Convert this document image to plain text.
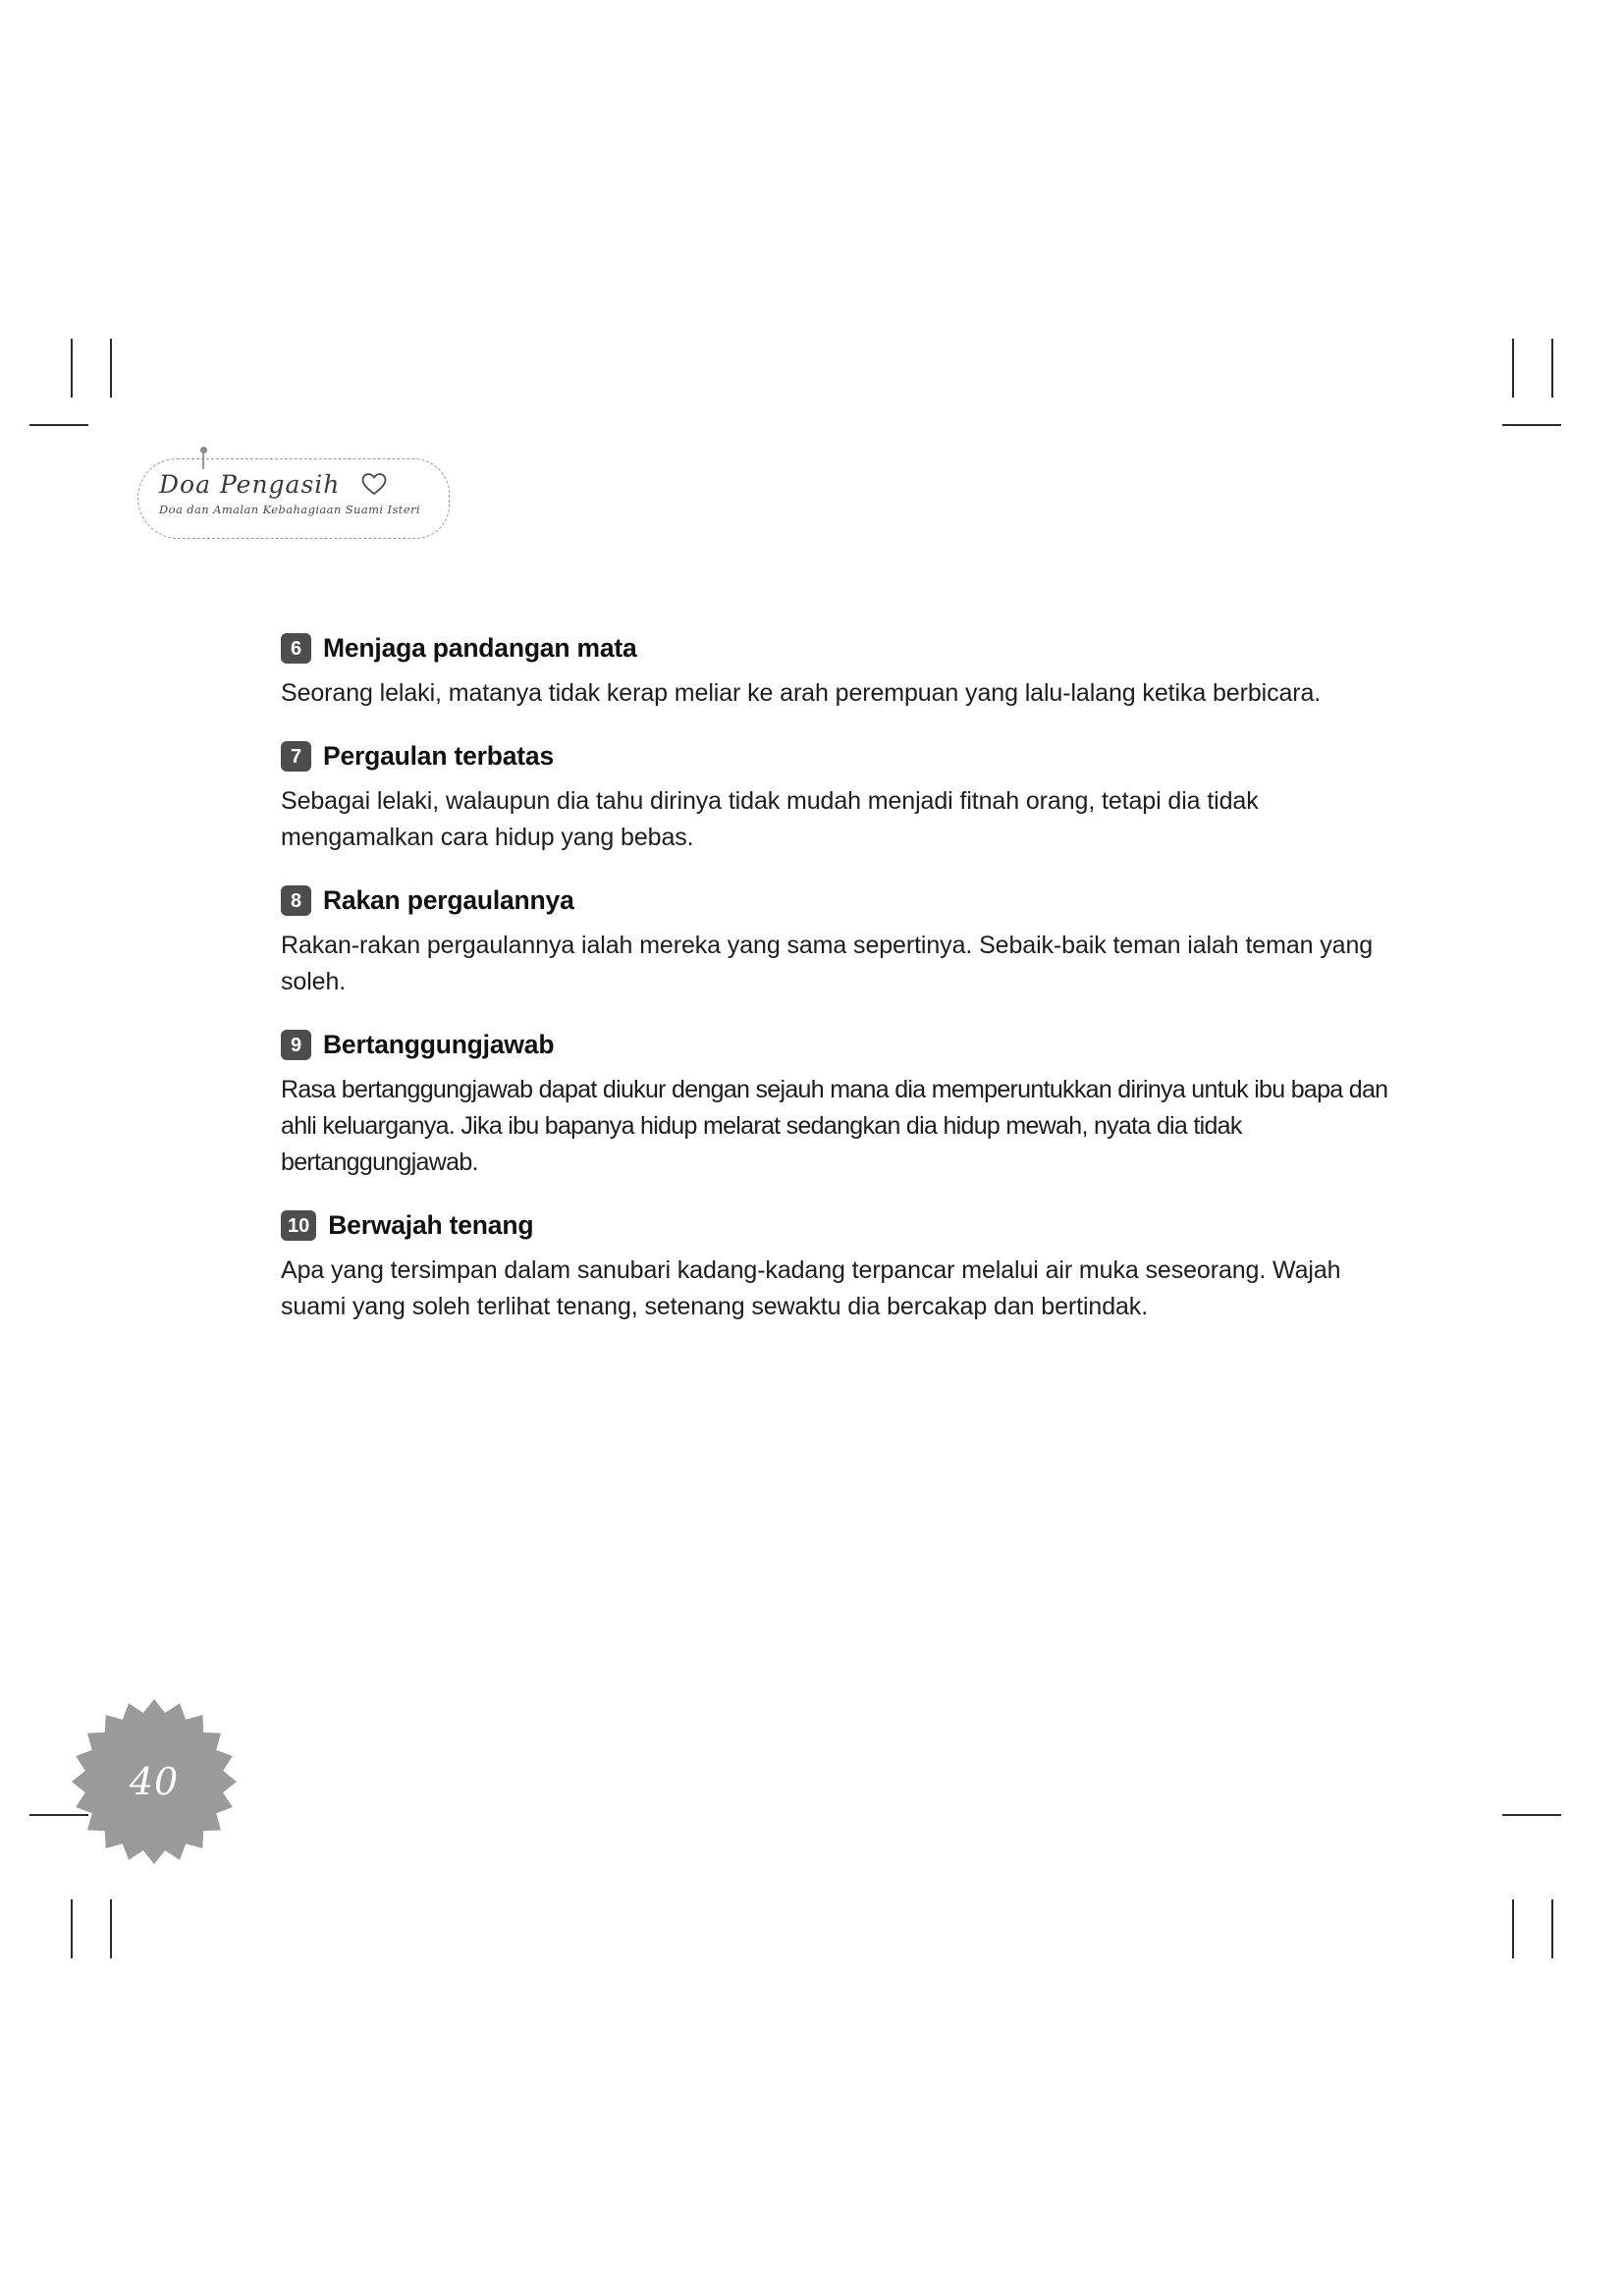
Doa Pengasih
Doa dan Amalan Kebahagiaan Suami Isteri
6 Menjaga pandangan mata

Seorang lelaki, matanya tidak kerap meliar ke arah perempuan yang lalu-lalang ketika berbicara.

7 Pergaulan terbatas

Sebagai lelaki, walaupun dia tahu dirinya tidak mudah menjadi fitnah orang, tetapi dia tidak mengamalkan cara hidup yang bebas.

8 Rakan pergaulannya

Rakan-rakan pergaulannya ialah mereka yang sama sepertinya. Sebaik-baik teman ialah teman yang soleh.

9 Bertanggungjawab

Rasa bertanggungjawab dapat diukur dengan sejauh mana dia memperuntukkan dirinya untuk ibu bapa dan ahli keluarganya. Jika ibu bapanya hidup melarat sedangkan dia hidup mewah, nyata dia tidak bertanggungjawab.

10 Berwajah tenang

Apa yang tersimpan dalam sanubari kadang-kadang terpancar melalui air muka seseorang. Wajah suami yang soleh terlihat tenang, setenang sewaktu dia bercakap dan bertindak.

40
